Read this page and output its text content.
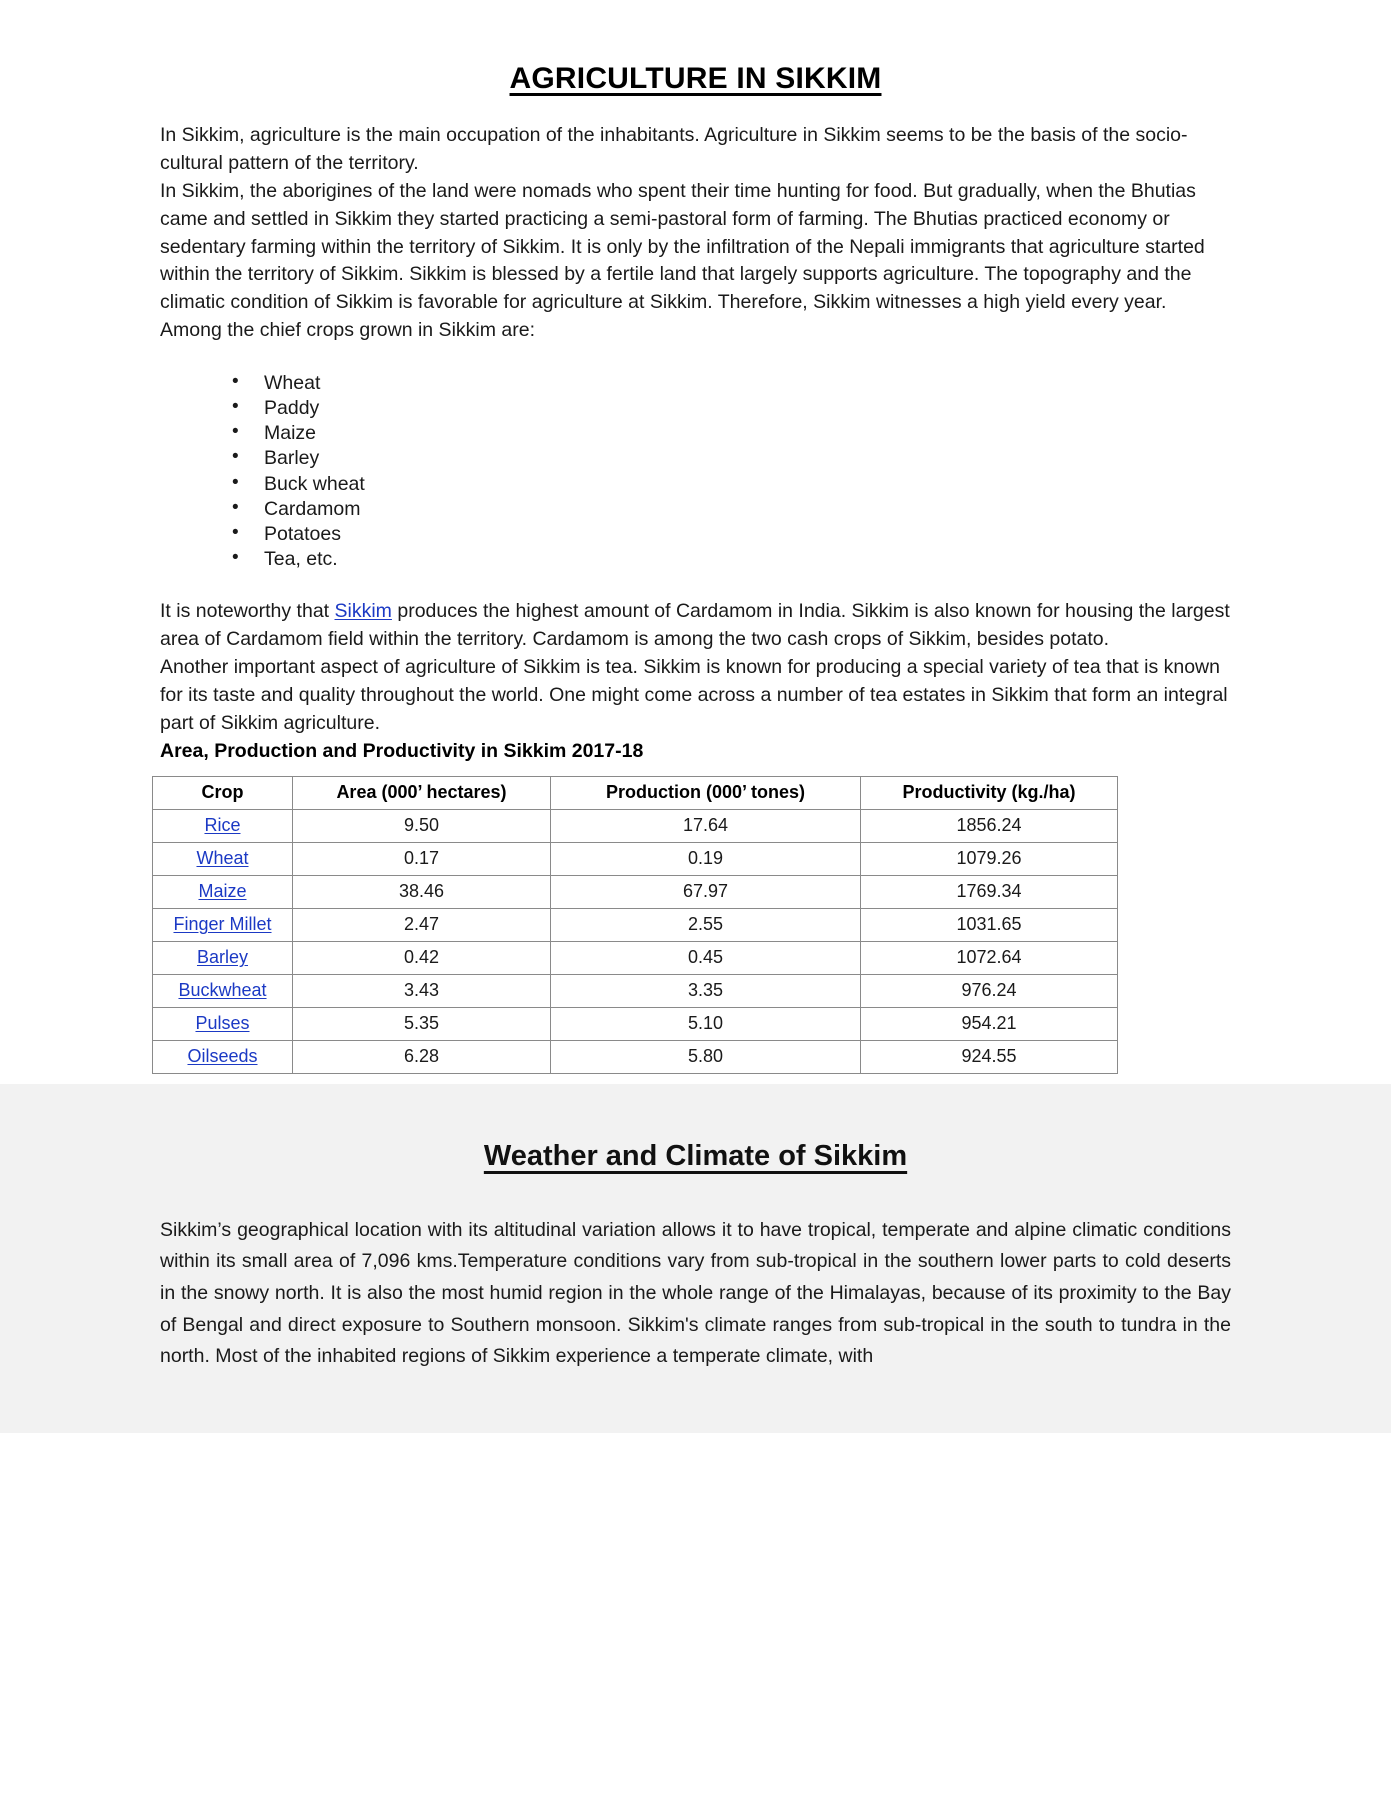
AGRICULTURE IN SIKKIM

In Sikkim, agriculture is the main occupation of the inhabitants. Agriculture in Sikkim seems to be the basis of the socio-cultural pattern of the territory.

In Sikkim, the aborigines of the land were nomads who spent their time hunting for food. But gradually, when the Bhutias came and settled in Sikkim they started practicing a semi-pastoral form of farming. The Bhutias practiced economy or sedentary farming within the territory of Sikkim. It is only by the infiltration of the Nepali immigrants that agriculture started within the territory of Sikkim. Sikkim is blessed by a fertile land that largely supports agriculture. The topography and the climatic condition of Sikkim is favorable for agriculture at Sikkim. Therefore, Sikkim witnesses a high yield every year. Among the chief crops grown in Sikkim are:

• Wheat
• Paddy
• Maize
• Barley
• Buck wheat
• Cardamom
• Potatoes
• Tea, etc.

It is noteworthy that Sikkim produces the highest amount of Cardamom in India. Sikkim is also known for housing the largest area of Cardamom field within the territory. Cardamom is among the two cash crops of Sikkim, besides potato.

Another important aspect of agriculture of Sikkim is tea. Sikkim is known for producing a special variety of tea that is known for its taste and quality throughout the world. One might come across a number of tea estates in Sikkim that form an integral part of Sikkim agriculture.

Area, Production and Productivity in Sikkim 2017-18
Crop	Area (000’ hectares)	Production (000’ tones)	Productivity (kg./ha)
Rice	9.50	17.64	1856.24
Wheat	0.17	0.19	1079.26
Maize	38.46	67.97	1769.34
Finger Millet	2.47	2.55	1031.65
Barley	0.42	0.45	1072.64
Buckwheat	3.43	3.35	976.24
Pulses	5.35	5.10	954.21
Oilseeds	6.28	5.80	924.55
Weather and Climate of Sikkim

Sikkim’s geographical location with its altitudinal variation allows it to have tropical, temperate and alpine climatic conditions within its small area of 7,096 kms.Temperature conditions vary from sub-tropical in the southern lower parts to cold deserts in the snowy north. It is also the most humid region in the whole range of the Himalayas, because of its proximity to the Bay of Bengal and direct exposure to Southern monsoon. Sikkim's climate ranges from sub-tropical in the south to tundra in the north. Most of the inhabited regions of Sikkim experience a temperate climate, with
